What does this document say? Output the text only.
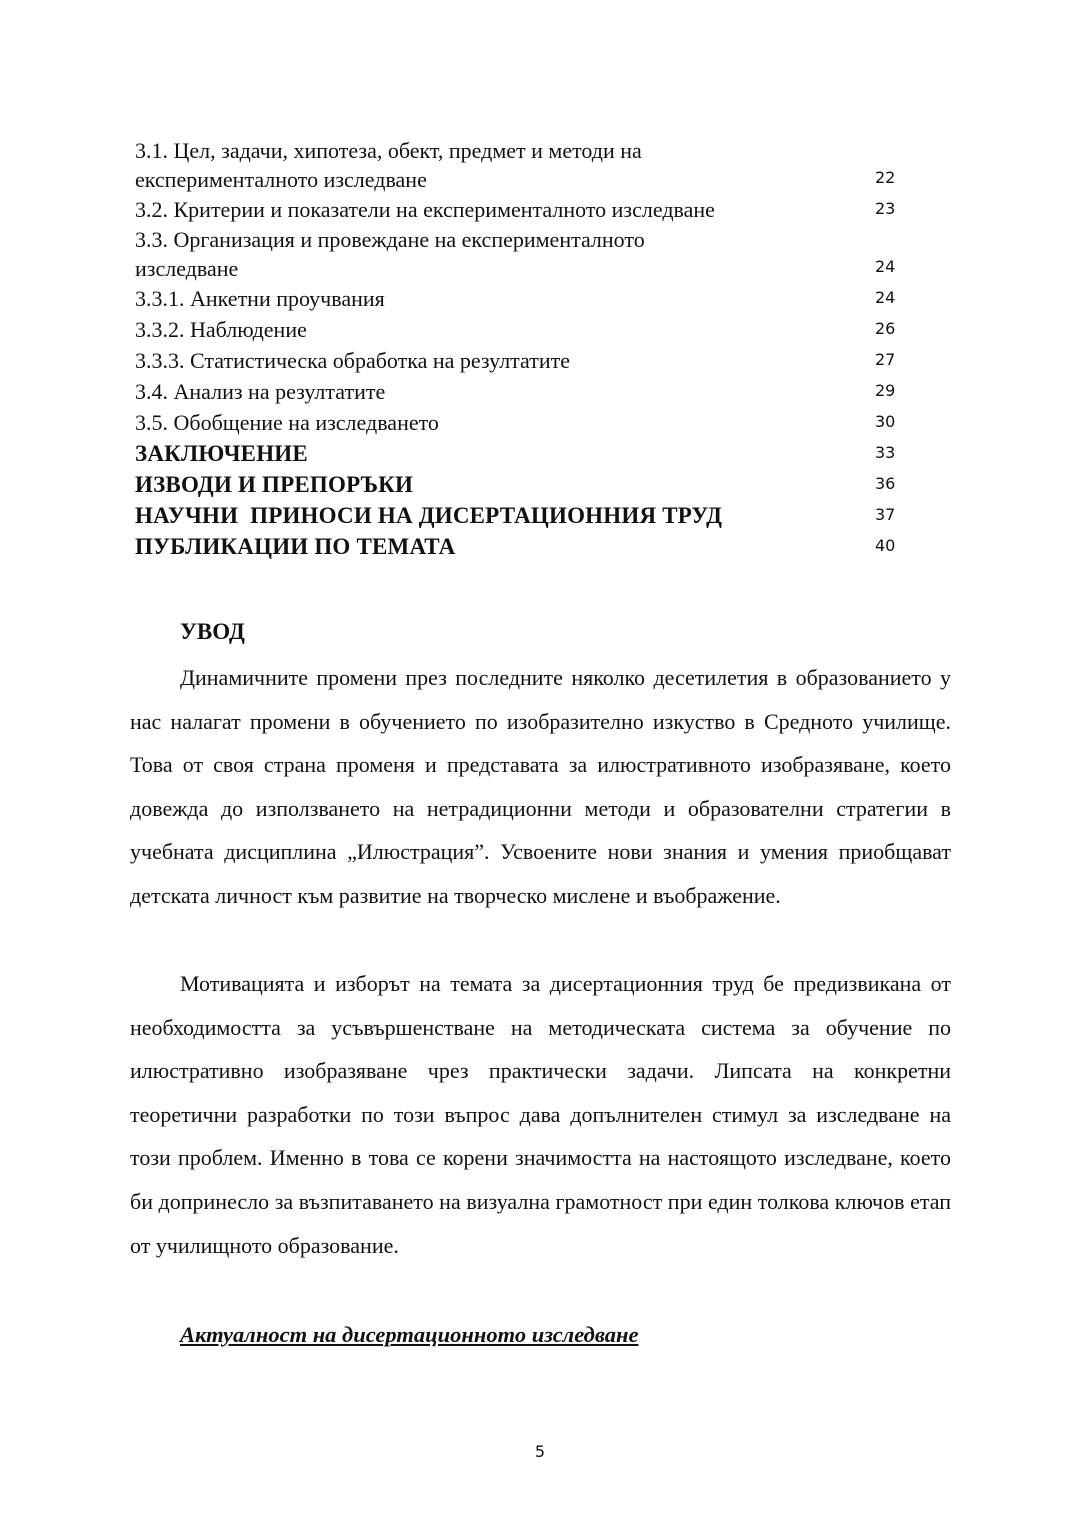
3.1. Цел, задачи, хипотеза, обект, предмет и методи на
експерименталното изследване	22
3.2. Критерии и показатели на експерименталното изследване	23
3.3. Организация и провеждане на експерименталното
изследване	24
3.3.1. Анкетни проучвания	24
3.3.2. Наблюдение	26
3.3.3. Статистическа обработка на резултатите	27
3.4. Анализ на резултатите	29
3.5. Обобщение на изследването	30
ЗАКЛЮЧЕНИЕ	33
ИЗВОДИ И ПРЕПОРЪКИ	36
НАУЧНИ  ПРИНОСИ НА ДИСЕРТАЦИОННИЯ ТРУД	37
ПУБЛИКАЦИИ ПО ТЕМАТА	40
УВОД

Динамичните промени през последните няколко десетилетия в образованието у нас налагат промени в обучението по изобразително изкуство в Средното училище. Това от своя страна променя и представата за илюстративното изобразяване, което довежда до използването на нетрадиционни методи и образователни стратегии в учебната дисциплина „Илюстрация”. Усвоените нови знания и умения приобщават детската личност към развитие на творческо мислене и въображение.

Мотивацията и изборът на темата за дисертационния труд бе предизвикана от необходимостта за усъвършенстване на методическата система за обучение по илюстративно изобразяване чрез практически задачи. Липсата на конкретни теоретични разработки по този въпрос дава допълнителен стимул за изследване на този проблем. Именно в това се корени значимостта на настоящото изследване, което би допринесло за възпитаването на визуална грамотност при един толкова ключов етап от училищното образование.

Актуалност на дисертационното изследване
5
